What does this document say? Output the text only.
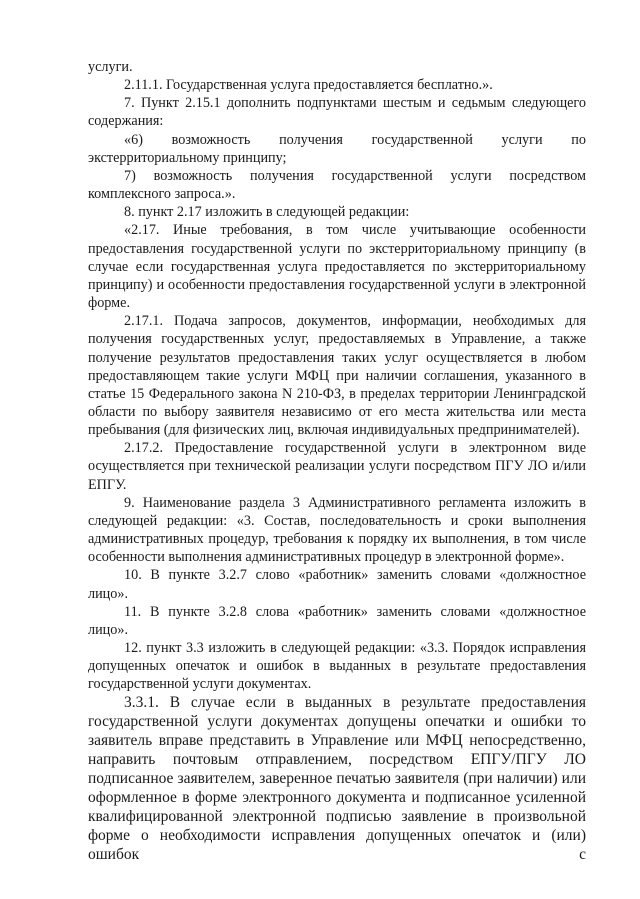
услуги.

2.11.1. Государственная услуга предоставляется бесплатно.».

7. Пункт 2.15.1 дополнить подпунктами шестым и седьмым следующего содержания:

«6) возможность получения государственной услуги по экстерриториальному принципу;

7) возможность получения государственной услуги посредством комплексного запроса.».

8. пункт 2.17 изложить в следующей редакции:

«2.17. Иные требования, в том числе учитывающие особенности предоставления государственной услуги по экстерриториальному принципу (в случае если государственная услуга предоставляется по экстерриториальному принципу) и особенности предоставления государственной услуги в электронной форме.

2.17.1. Подача запросов, документов, информации, необходимых для получения государственных услуг, предоставляемых в Управление, а также получение результатов предоставления таких услуг осуществляется в любом предоставляющем такие услуги МФЦ при наличии соглашения, указанного в статье 15 Федерального закона N 210-ФЗ, в пределах территории Ленинградской области по выбору заявителя независимо от его места жительства или места пребывания (для физических лиц, включая индивидуальных предпринимателей).

2.17.2. Предоставление государственной услуги в электронном виде осуществляется при технической реализации услуги посредством ПГУ ЛО и/или ЕПГУ.

9. Наименование раздела 3 Административного регламента изложить в следующей редакции: «3. Состав, последовательность и сроки выполнения административных процедур, требования к порядку их выполнения, в том числе особенности выполнения административных процедур в электронной форме».

10. В пункте 3.2.7 слово «работник» заменить словами «должностное лицо».

11. В пункте 3.2.8 слова «работник» заменить словами «должностное лицо».

12. пункт 3.3 изложить в следующей редакции: «3.3. Порядок исправления допущенных опечаток и ошибок в выданных в результате предоставления государственной услуги документах.

3.3.1. В случае если в выданных в результате предоставления государственной услуги документах допущены опечатки и ошибки то заявитель вправе представить в Управление или МФЦ непосредственно, направить почтовым отправлением, посредством ЕПГУ/ПГУ ЛО подписанное заявителем, заверенное печатью заявителя (при наличии) или оформленное в форме электронного документа и подписанное усиленной квалифицированной электронной подписью заявление в произвольной форме о необходимости исправления допущенных опечаток и (или) ошибок с
